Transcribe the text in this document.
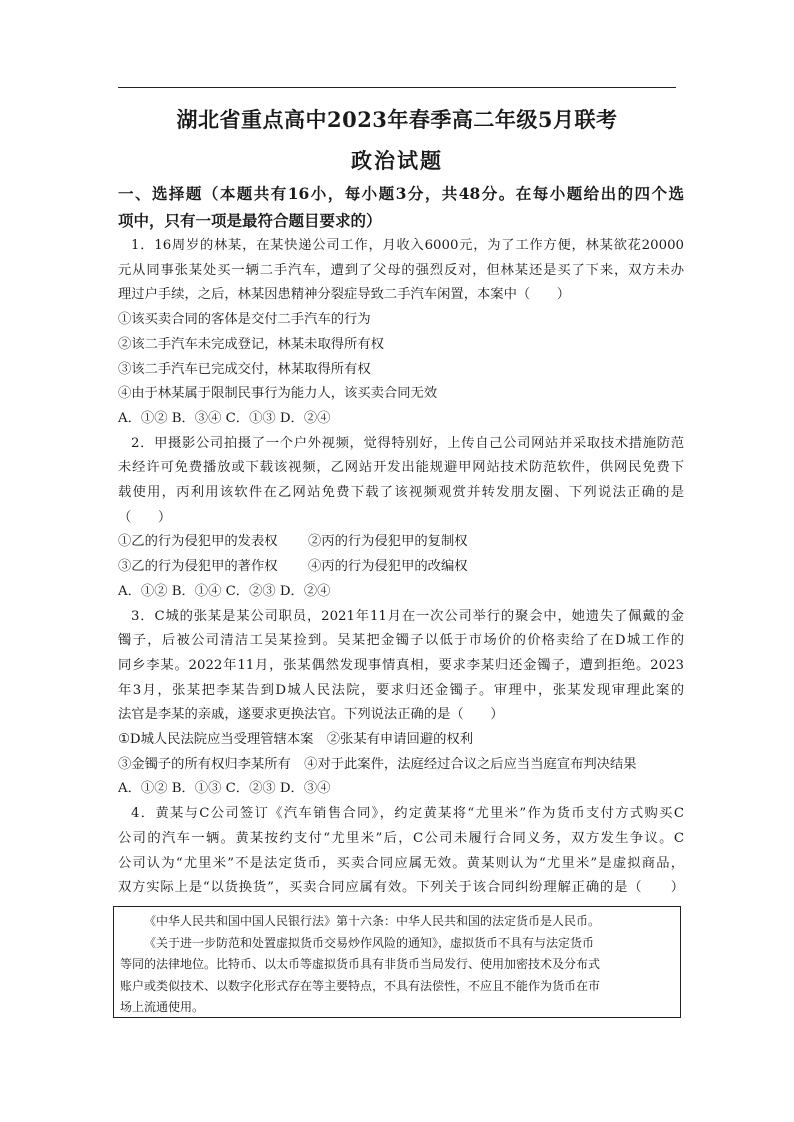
湖北省重点高中2023年春季高二年级5月联考
政治试题
一、选择题（本题共有16小，每小题3分，共48分。在每小题给出的四个选
项中，只有一项是最符合题目要求的）
1．16周岁的林某，在某快递公司工作，月收入6000元，为了工作方便，林某欲花20000
元从同事张某处买一辆二手汽车，遭到了父母的强烈反对，但林某还是买了下来，双方未办
理过户手续，之后，林某因患精神分裂症导致二手汽车闲置，本案中（　　）
①该买卖合同的客体是交付二手汽车的行为
②该二手汽车未完成登记，林某未取得所有权
③该二手汽车已完成交付，林某取得所有权
④由于林某属于限制民事行为能力人，该买卖合同无效
A．①② B．③④ C．①③ D．②④
2．甲摄影公司拍摄了一个户外视频，觉得特别好，上传自己公司网站并采取技术措施防范
未经许可免费播放或下载该视频，乙网站开发出能规避甲网站技术防范软件，供网民免费下
载使用，丙利用该软件在乙网站免费下载了该视频观赏并转发朋友圈、下列说法正确的是
（　　）
①乙的行为侵犯甲的发表权 ②丙的行为侵犯甲的复制权
③乙的行为侵犯甲的著作权 ④丙的行为侵犯甲的改编权
A．①② B．①④ C．②③ D．②④
3．C城的张某是某公司职员，2021年11月在一次公司举行的聚会中，她遗失了佩戴的金
镯子，后被公司清洁工吴某捡到。吴某把金镯子以低于市场价的价格卖给了在D城工作的
同乡李某。2022年11月，张某偶然发现事情真相，要求李某归还金镯子，遭到拒绝。2023
年3月，张某把李某告到D城人民法院，要求归还金镯子。审理中，张某发现审理此案的
法官是李某的亲戚，遂要求更换法官。下列说法正确的是（　　）
①D城人民法院应当受理管辖本案　②张某有申请回避的权利
③金镯子的所有权归李某所有　④对于此案件，法庭经过合议之后应当当庭宣布判决结果
A．①② B．①③ C．②③ D．③④
4．黄某与C公司签订《汽车销售合同》，约定黄某将“尤里米”作为货币支付方式购买C
公司的汽车一辆。黄某按约支付“尤里米”后，C公司未履行合同义务，双方发生争议。C
公司认为“尤里米”不是法定货币，买卖合同应属无效。黄某则认为“尤里米”是虚拟商品，
双方实际上是“以货换货”，买卖合同应属有效。下列关于该合同纠纷理解正确的是（　　）
《中华人民共和国中国人民银行法》第十六条：中华人民共和国的法定货币是人民币。
《关于进一步防范和处置虚拟货币交易炒作风险的通知》，虚拟货币不具有与法定货币
等同的法律地位。比特币、以太币等虚拟货币具有非货币当局发行、使用加密技术及分布式
账户或类似技术、以数字化形式存在等主要特点，不具有法偿性，不应且不能作为货币在市
场上流通使用。
